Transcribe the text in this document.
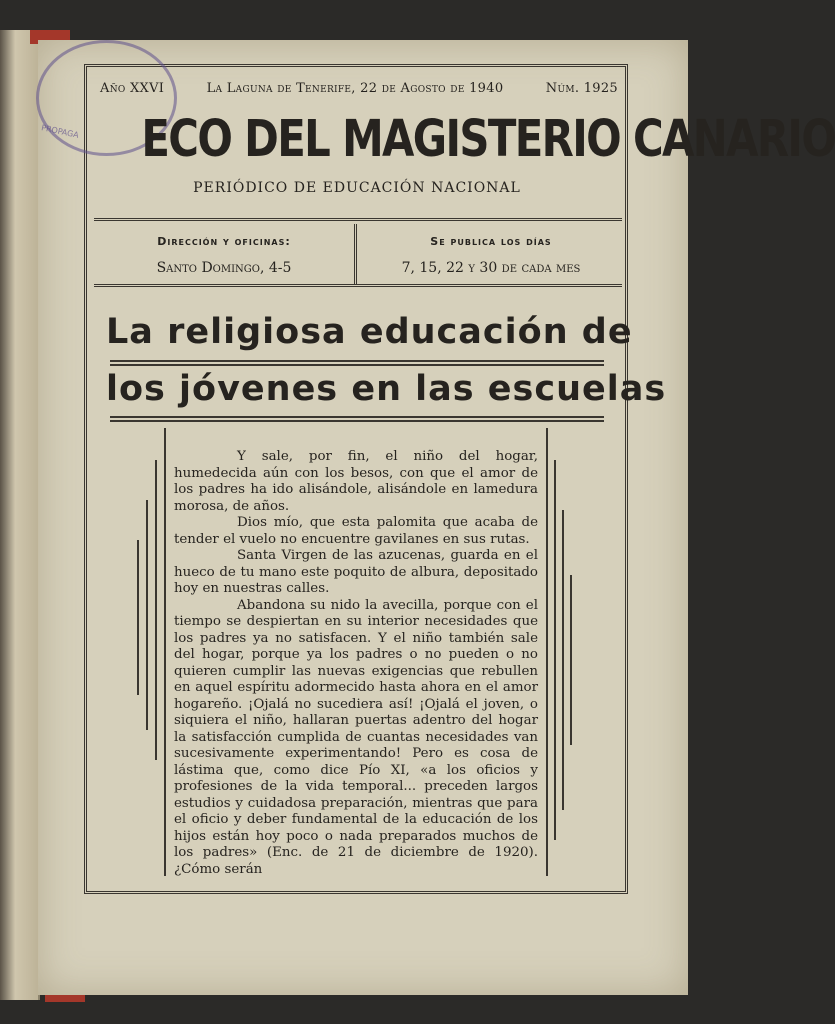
PROPAGA
Año XXVI	La Laguna de Tenerife, 22 de Agosto de 1940	Núm. 1925
ECO DEL MAGISTERIO CANARIO
PERIÓDICO DE EDUCACIÓN NACIONAL
Dirección y oficinas:
Santo Domingo, 4-5
Se publica los días
7, 15, 22 y 30 de cada mes
La religiosa educación de
los jóvenes en las escuelas

Y sale, por fin, el niño del hogar, humedecida aún con los besos, con que el amor de los padres ha ido alisándole, alisándole en lamedura morosa, de años.

Dios mío, que esta palomita que acaba de tender el vuelo no encuentre gavilanes en sus rutas.

Santa Virgen de las azucenas, guarda en el hueco de tu mano este poquito de albura, depositado hoy en nuestras calles.

Abandona su nido la avecilla, porque con el tiempo se despiertan en su interior necesidades que los padres ya no satisfacen. Y el niño también sale del hogar, porque ya los padres o no pueden o no quieren cumplir las nuevas exigencias que rebullen en aquel espíritu adormecido hasta ahora en el amor hogareño. ¡Ojalá no sucediera así! ¡Ojalá el joven, o siquiera el niño, hallaran puertas adentro del hogar la satisfacción cumplida de cuantas necesidades van sucesivamente experimentando! Pero es cosa de lástima que, como dice Pío XI, «a los oficios y profesiones de la vida temporal... preceden largos estudios y cuidadosa preparación, mientras que para el oficio y deber fundamental de la educación de los hijos están hoy poco o nada preparados muchos de los padres» (Enc. de 21 de diciembre de 1920). ¿Cómo serán
